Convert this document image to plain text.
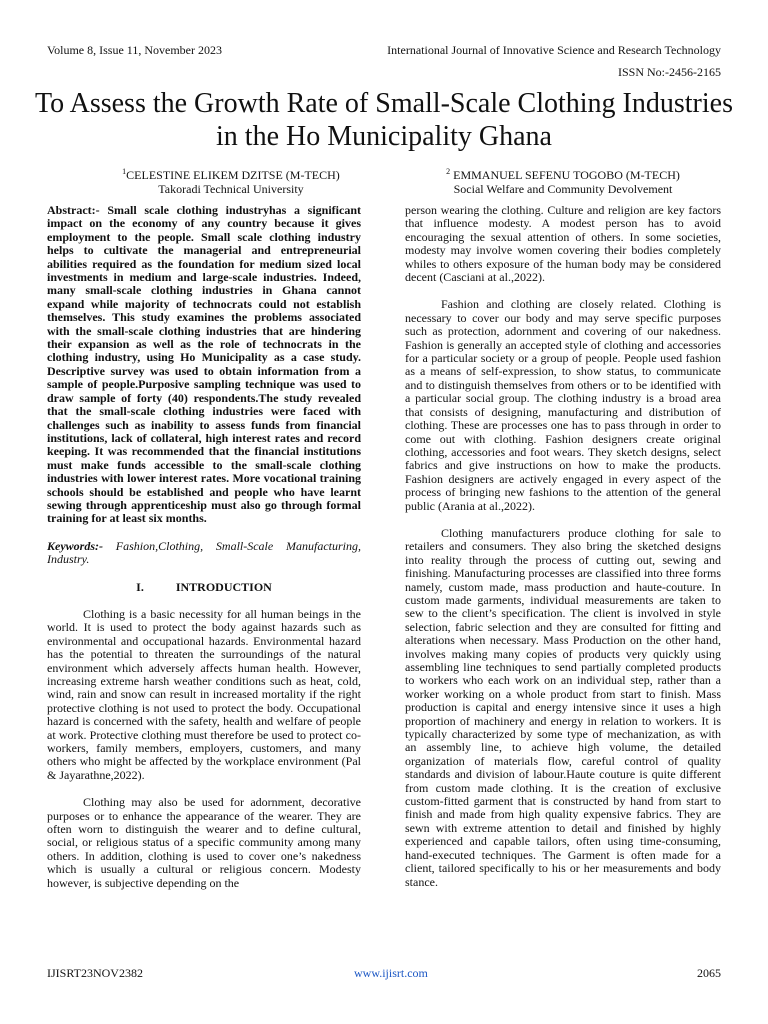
Volume 8, Issue 11, November 2023	International Journal of Innovative Science and Research Technology
ISSN No:-2456-2165
To Assess the Growth Rate of Small-Scale Clothing Industries in the Ho Municipality Ghana
$^1$CELESTINE ELIKEM DZITSE (M-TECH)
Takoradi Technical University
$^2$ EMMANUEL SEFENU TOGOBO (M-TECH)
Social Welfare and Community Devolvement

Abstract:- Small scale clothing industryhas a significant impact on the economy of any country because it gives employment to the people. Small scale clothing industry helps to cultivate the managerial and entrepreneurial abilities required as the foundation for medium sized local investments in medium and large-scale industries. Indeed, many small-scale clothing industries in Ghana cannot expand while majority of technocrats could not establish themselves. This study examines the problems associated with the small-scale clothing industries that are hindering their expansion as well as the role of technocrats in the clothing industry, using Ho Municipality as a case study. Descriptive survey was used to obtain information from a sample of people.Purposive sampling technique was used to draw sample of forty (40) respondents.The study revealed that the small-scale clothing industries were faced with challenges such as inability to assess funds from financial institutions, lack of collateral, high interest rates and record keeping. It was recommended that the financial institutions must make funds accessible to the small-scale clothing industries with lower interest rates. More vocational training schools should be established and people who have learnt sewing through apprenticeship must also go through formal training for at least six months.

Keywords:- Fashion,Clothing, Small-Scale Manufacturing, Industry.

I.	INTRODUCTION

Clothing is a basic necessity for all human beings in the world. It is used to protect the body against hazards such as environmental and occupational hazards. Environmental hazard has the potential to threaten the surroundings of the natural environment which adversely affects human health. However, increasing extreme harsh weather conditions such as heat, cold, wind, rain and snow can result in increased mortality if the right protective clothing is not used to protect the body. Occupational hazard is concerned with the safety, health and welfare of people at work. Protective clothing must therefore be used to protect co-workers, family members, employers, customers, and many others who might be affected by the workplace environment (Pal & Jayarathne,2022).

Clothing may also be used for adornment, decorative purposes or to enhance the appearance of the wearer. They are often worn to distinguish the wearer and to define cultural, social, or religious status of a specific community among many others. In addition, clothing is used to cover one’s nakedness which is usually a cultural or religious concern. Modesty however, is subjective depending on the

person wearing the clothing. Culture and religion are key factors that influence modesty. A modest person has to avoid encouraging the sexual attention of others. In some societies, modesty may involve women covering their bodies completely whiles to others exposure of the human body may be considered decent (Casciani at al.,2022).

Fashion and clothing are closely related. Clothing is necessary to cover our body and may serve specific purposes such as protection, adornment and covering of our nakedness. Fashion is generally an accepted style of clothing and accessories for a particular society or a group of people. People used fashion as a means of self-expression, to show status, to communicate and to distinguish themselves from others or to be identified with a particular social group. The clothing industry is a broad area that consists of designing, manufacturing and distribution of clothing. These are processes one has to pass through in order to come out with clothing. Fashion designers create original clothing, accessories and foot wears. They sketch designs, select fabrics and give instructions on how to make the products. Fashion designers are actively engaged in every aspect of the process of bringing new fashions to the attention of the general public (Arania at al.,2022).

Clothing manufacturers produce clothing for sale to retailers and consumers. They also bring the sketched designs into reality through the process of cutting out, sewing and finishing. Manufacturing processes are classified into three forms namely, custom made, mass production and haute-couture. In custom made garments, individual measurements are taken to sew to the client’s specification. The client is involved in style selection, fabric selection and they are consulted for fitting and alterations when necessary. Mass Production on the other hand, involves making many copies of products very quickly using assembling line techniques to send partially completed products to workers who each work on an individual step, rather than a worker working on a whole product from start to finish. Mass production is capital and energy intensive since it uses a high proportion of machinery and energy in relation to workers. It is typically characterized by some type of mechanization, as with an assembly line, to achieve high volume, the detailed organization of materials flow, careful control of quality standards and division of labour.Haute couture is quite different from custom made clothing. It is the creation of exclusive custom-fitted garment that is constructed by hand from start to finish and made from high quality expensive fabrics. They are sewn with extreme attention to detail and finished by highly experienced and capable tailors, often using time-consuming, hand-executed techniques. The Garment is often made for a client, tailored specifically to his or her measurements and body stance.

IJISRT23NOV2382	www.ijisrt.com	2065
